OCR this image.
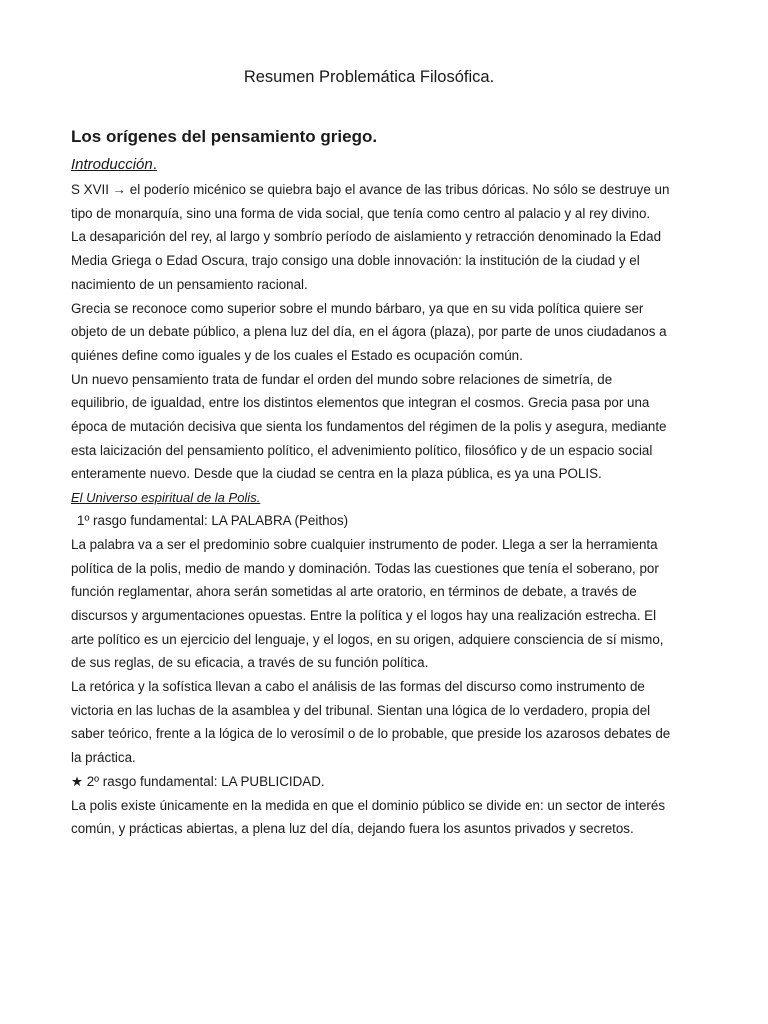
Resumen Problemática Filosófica.
Los orígenes del pensamiento griego.
Introducción.

S XVII → el poderío micénico se quiebra bajo el avance de las tribus dóricas. No sólo se destruye un tipo de monarquía, sino una forma de vida social, que tenía como centro al palacio y al rey divino.

La desaparición del rey, al largo y sombrío período de aislamiento y retracción denominado la Edad Media Griega o Edad Oscura, trajo consigo una doble innovación: la institución de la ciudad y el nacimiento de un pensamiento racional.

Grecia se reconoce como superior sobre el mundo bárbaro, ya que en su vida política quiere ser objeto de un debate público, a plena luz del día, en el ágora (plaza), por parte de unos ciudadanos a quiénes define como iguales y de los cuales el Estado es ocupación común.

Un nuevo pensamiento trata de fundar el orden del mundo sobre relaciones de simetría, de equilibrio, de igualdad, entre los distintos elementos que integran el cosmos. Grecia pasa por una época de mutación decisiva que sienta los fundamentos del régimen de la polis y asegura, mediante esta laicización del pensamiento político, el advenimiento político, filosófico y de un espacio social enteramente nuevo. Desde que la ciudad se centra en la plaza pública, es ya una POLIS.

El Universo espiritual de la Polis.

1º rasgo fundamental: LA PALABRA (Peithos)

La palabra va a ser el predominio sobre cualquier instrumento de poder. Llega a ser la herramienta política de la polis, medio de mando y dominación. Todas las cuestiones que tenía el soberano, por función reglamentar, ahora serán sometidas al arte oratorio, en términos de debate, a través de discursos y argumentaciones opuestas. Entre la política y el logos hay una realización estrecha. El arte político es un ejercicio del lenguaje, y el logos, en su origen, adquiere consciencia de sí mismo, de sus reglas, de su eficacia, a través de su función política.

La retórica y la sofística llevan a cabo el análisis de las formas del discurso como instrumento de victoria en las luchas de la asamblea y del tribunal. Sientan una lógica de lo verdadero, propia del saber teórico, frente a la lógica de lo verosímil o de lo probable, que preside los azarosos debates de la práctica.

★ 2º rasgo fundamental: LA PUBLICIDAD.

La polis existe únicamente en la medida en que el dominio público se divide en: un sector de interés común, y prácticas abiertas, a plena luz del día, dejando fuera los asuntos privados y secretos.
